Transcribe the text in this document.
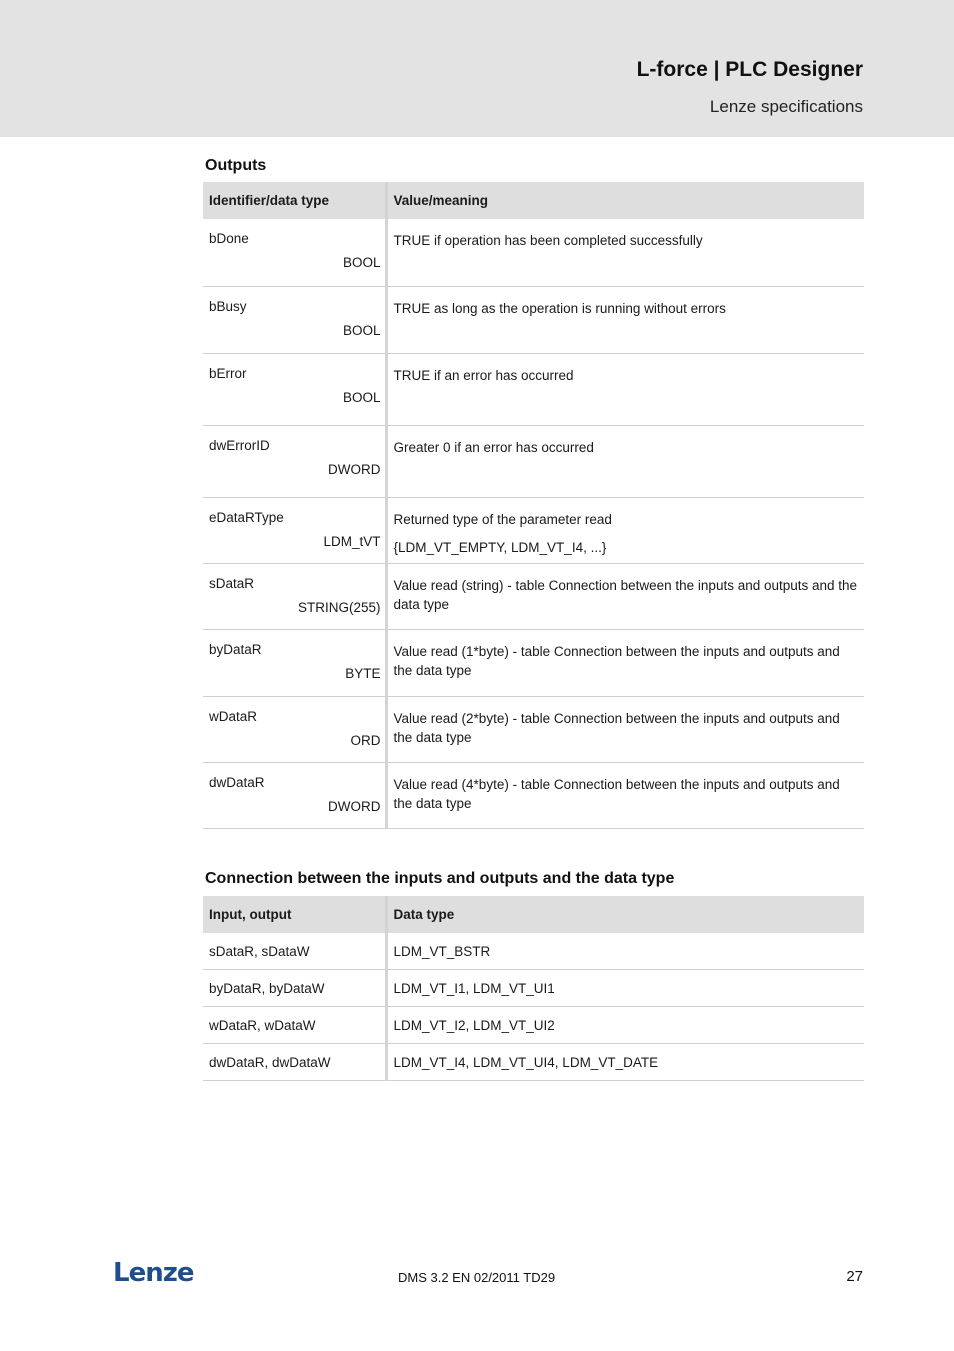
L-force | PLC Designer
Lenze specifications
Outputs
Identifier/data type	Value/meaning

bDone
BOOL	TRUE if operation has been completed successfully

bBusy
BOOL	TRUE as long as the operation is running without errors

bError
BOOL	TRUE if an error has occurred

dwErrorID
DWORD	Greater 0 if an error has occurred

eDataRType
LDM_tVT	Returned type of the parameter read
{LDM_VT_EMPTY, LDM_VT_I4, ...}

sDataR
STRING(255)	Value read (string) - table Connection between the inputs and outputs and the data type

byDataR
BYTE	Value read (1*byte) - table Connection between the inputs and outputs and the data type

wDataR
ORD	Value read (2*byte) - table Connection between the inputs and outputs and the data type

dwDataR
DWORD	Value read (4*byte) - table Connection between the inputs and outputs and the data type
Connection between the inputs and outputs and the data type
Input, output	Data type
sDataR, sDataW	LDM_VT_BSTR
byDataR, byDataW	LDM_VT_I1, LDM_VT_UI1
wDataR, wDataW	LDM_VT_I2, LDM_VT_UI2
dwDataR, dwDataW	LDM_VT_I4, LDM_VT_UI4, LDM_VT_DATE
Lenze	DMS 3.2 EN 02/2011 TD29	27
